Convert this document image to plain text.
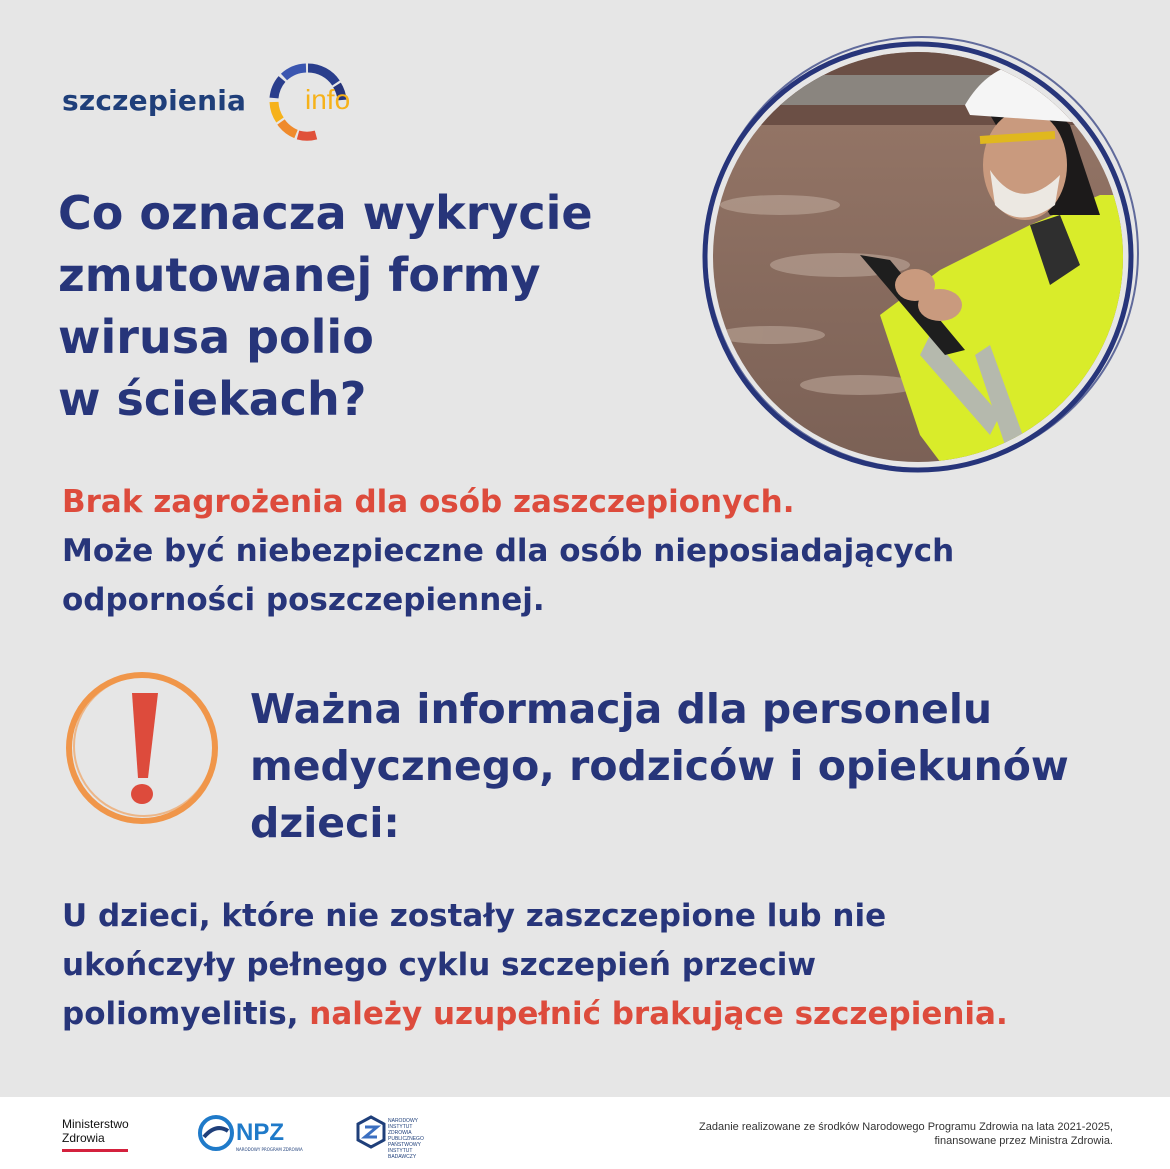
szczepienia info
Co oznacza wykrycie
zmutowanej formy
wirusa polio
w ściekach?

Brak zagrożenia dla osób zaszczepionych.
Może być niebezpieczne dla osób nieposiadających
odporności poszczepiennej.

Ważna informacja dla personelu
medycznego, rodziców i opiekunów
dzieci:

U dzieci, które nie zostały zaszczepione lub nie
ukończyły pełnego cyklu szczepień przeciw
poliomyelitis, należy uzupełnić brakujące szczepienia.

Ministerstwo
Zdrowia	NPZ
NARODOWY PROGRAM ZDROWIA
NARODOWY
INSTYTUT
ZDROWIA
PUBLICZNEGO
PAŃSTWOWY INSTYTUT
BADAWCZY
Zadanie realizowane ze środków Narodowego Programu Zdrowia na lata 2021-2025,
finansowane przez Ministra Zdrowia.
